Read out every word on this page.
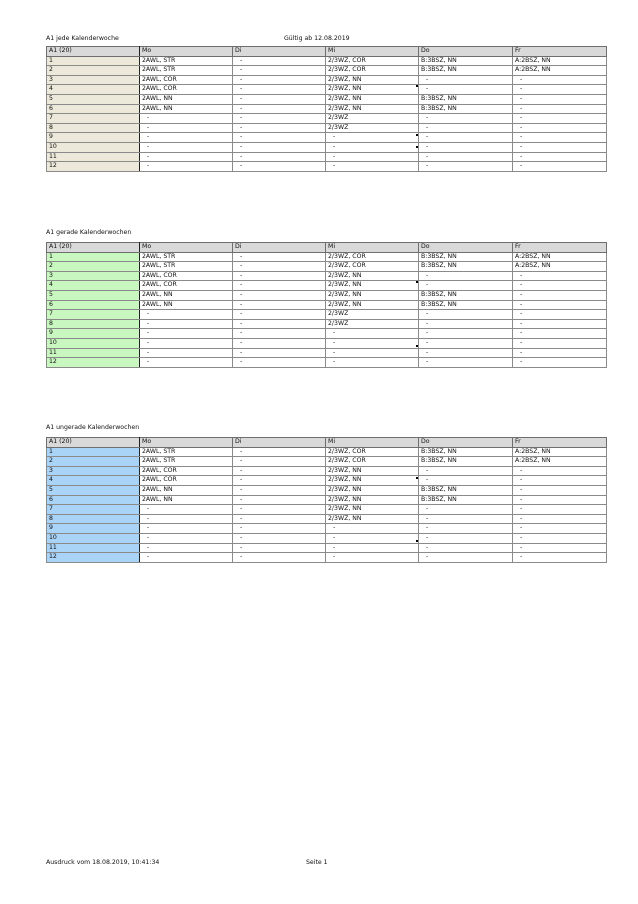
A1 jede Kalenderwoche	Gültig ab 12.08.2019
A1 gerade Kalenderwochen
A1 ungerade Kalenderwochen
A1 (20)	Mo	Di	Mi	Do	Fr
1	2AWL, STR	-	2/3WZ, COR	B:3BSZ, NN	A:2BSZ, NN
2	2AWL, STR	-	2/3WZ, COR	B:3BSZ, NN	A:2BSZ, NN
3	2AWL, COR	-	2/3WZ, NN	-	-
4	2AWL, COR	-	2/3WZ, NN	-	-
5	2AWL, NN	-	2/3WZ, NN	B:3BSZ, NN	-
6	2AWL, NN	-	2/3WZ, NN	B:3BSZ, NN	-
7	-	-	2/3WZ	-	-
8	-	-	2/3WZ	-	-
9	-	-	-	-	-
10	-	-	-	-	-
11	-	-	-	-	-
12	-	-	-	-	-
A1 (20)	Mo	Di	Mi	Do	Fr
1	2AWL, STR	-	2/3WZ, COR	B:3BSZ, NN	A:2BSZ, NN
2	2AWL, STR	-	2/3WZ, COR	B:3BSZ, NN	A:2BSZ, NN
3	2AWL, COR	-	2/3WZ, NN	-	-
4	2AWL, COR	-	2/3WZ, NN	-	-
5	2AWL, NN	-	2/3WZ, NN	B:3BSZ, NN	-
6	2AWL, NN	-	2/3WZ, NN	B:3BSZ, NN	-
7	-	-	2/3WZ	-	-
8	-	-	2/3WZ	-	-
9	-	-	-	-	-
10	-	-	-	-	-
11	-	-	-	-	-
12	-	-	-	-	-
A1 (20)	Mo	Di	Mi	Do	Fr
1	2AWL, STR	-	2/3WZ, COR	B:3BSZ, NN	A:2BSZ, NN
2	2AWL, STR	-	2/3WZ, COR	B:3BSZ, NN	A:2BSZ, NN
3	2AWL, COR	-	2/3WZ, NN	-	-
4	2AWL, COR	-	2/3WZ, NN	-	-
5	2AWL, NN	-	2/3WZ, NN	B:3BSZ, NN	-
6	2AWL, NN	-	2/3WZ, NN	B:3BSZ, NN	-
7	-	-	2/3WZ, NN	-	-
8	-	-	2/3WZ, NN	-	-
9	-	-	-	-	-
10	-	-	-	-	-
11	-	-	-	-	-
12	-	-	-	-	-
Ausdruck vom 18.08.2019, 10:41:34	Seite 1
